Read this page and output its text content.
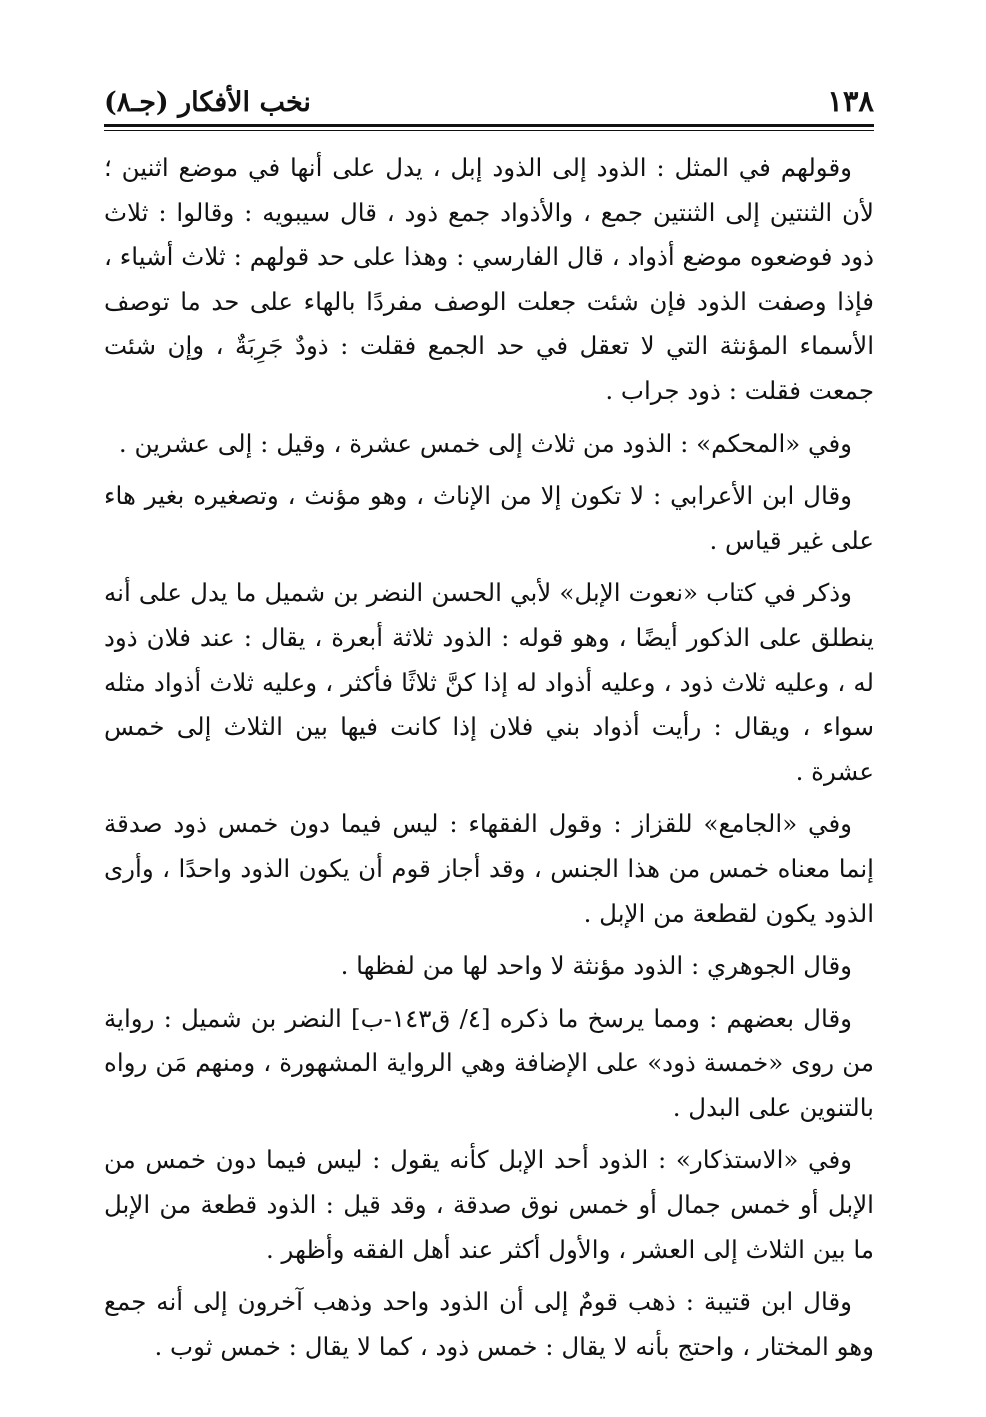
١٣٨
نخب الأفكار (جـ٨)

وقولهم في المثل : الذود إلى الذود إبل ، يدل على أنها في موضع اثنين ؛ لأن الثنتين إلى الثنتين جمع ، والأذواد جمع ذود ، قال سيبويه : وقالوا : ثلاث ذود فوضعوه موضع أذواد ، قال الفارسي : وهذا على حد قولهم : ثلاث أشياء ، فإذا وصفت الذود فإن شئت جعلت الوصف مفردًا بالهاء على حد ما توصف الأسماء المؤنثة التي لا تعقل في حد الجمع فقلت : ذودٌ جَرِبَةٌ ، وإن شئت جمعت فقلت : ذود جراب .

وفي «المحكم» : الذود من ثلاث إلى خمس عشرة ، وقيل : إلى عشرين .

وقال ابن الأعرابي : لا تكون إلا من الإناث ، وهو مؤنث ، وتصغيره بغير هاء على غير قياس .

وذكر في كتاب «نعوت الإبل» لأبي الحسن النضر بن شميل ما يدل على أنه ينطلق على الذكور أيضًا ، وهو قوله : الذود ثلاثة أبعرة ، يقال : عند فلان ذود له ، وعليه ثلاث ذود ، وعليه أذواد له إذا كنَّ ثلاثًا فأكثر ، وعليه ثلاث أذواد مثله سواء ، ويقال : رأيت أذواد بني فلان إذا كانت فيها بين الثلاث إلى خمس عشرة .

وفي «الجامع» للقزاز : وقول الفقهاء : ليس فيما دون خمس ذود صدقة إنما معناه خمس من هذا الجنس ، وقد أجاز قوم أن يكون الذود واحدًا ، وأرى الذود يكون لقطعة من الإبل .

وقال الجوهري : الذود مؤنثة لا واحد لها من لفظها .

وقال بعضهم : ومما يرسخ ما ذكره [٤/ ق١٤٣-ب] النضر بن شميل : رواية من روى «خمسة ذود» على الإضافة وهي الرواية المشهورة ، ومنهم مَن رواه بالتنوين على البدل .

وفي «الاستذكار» : الذود أحد الإبل كأنه يقول : ليس فيما دون خمس من الإبل أو خمس جمال أو خمس نوق صدقة ، وقد قيل : الذود قطعة من الإبل ما بين الثلاث إلى العشر ، والأول أكثر عند أهل الفقه وأظهر .

وقال ابن قتيبة : ذهب قومٌ إلى أن الذود واحد وذهب آخرون إلى أنه جمع وهو المختار ، واحتج بأنه لا يقال : خمس ذود ، كما لا يقال : خمس ثوب .
